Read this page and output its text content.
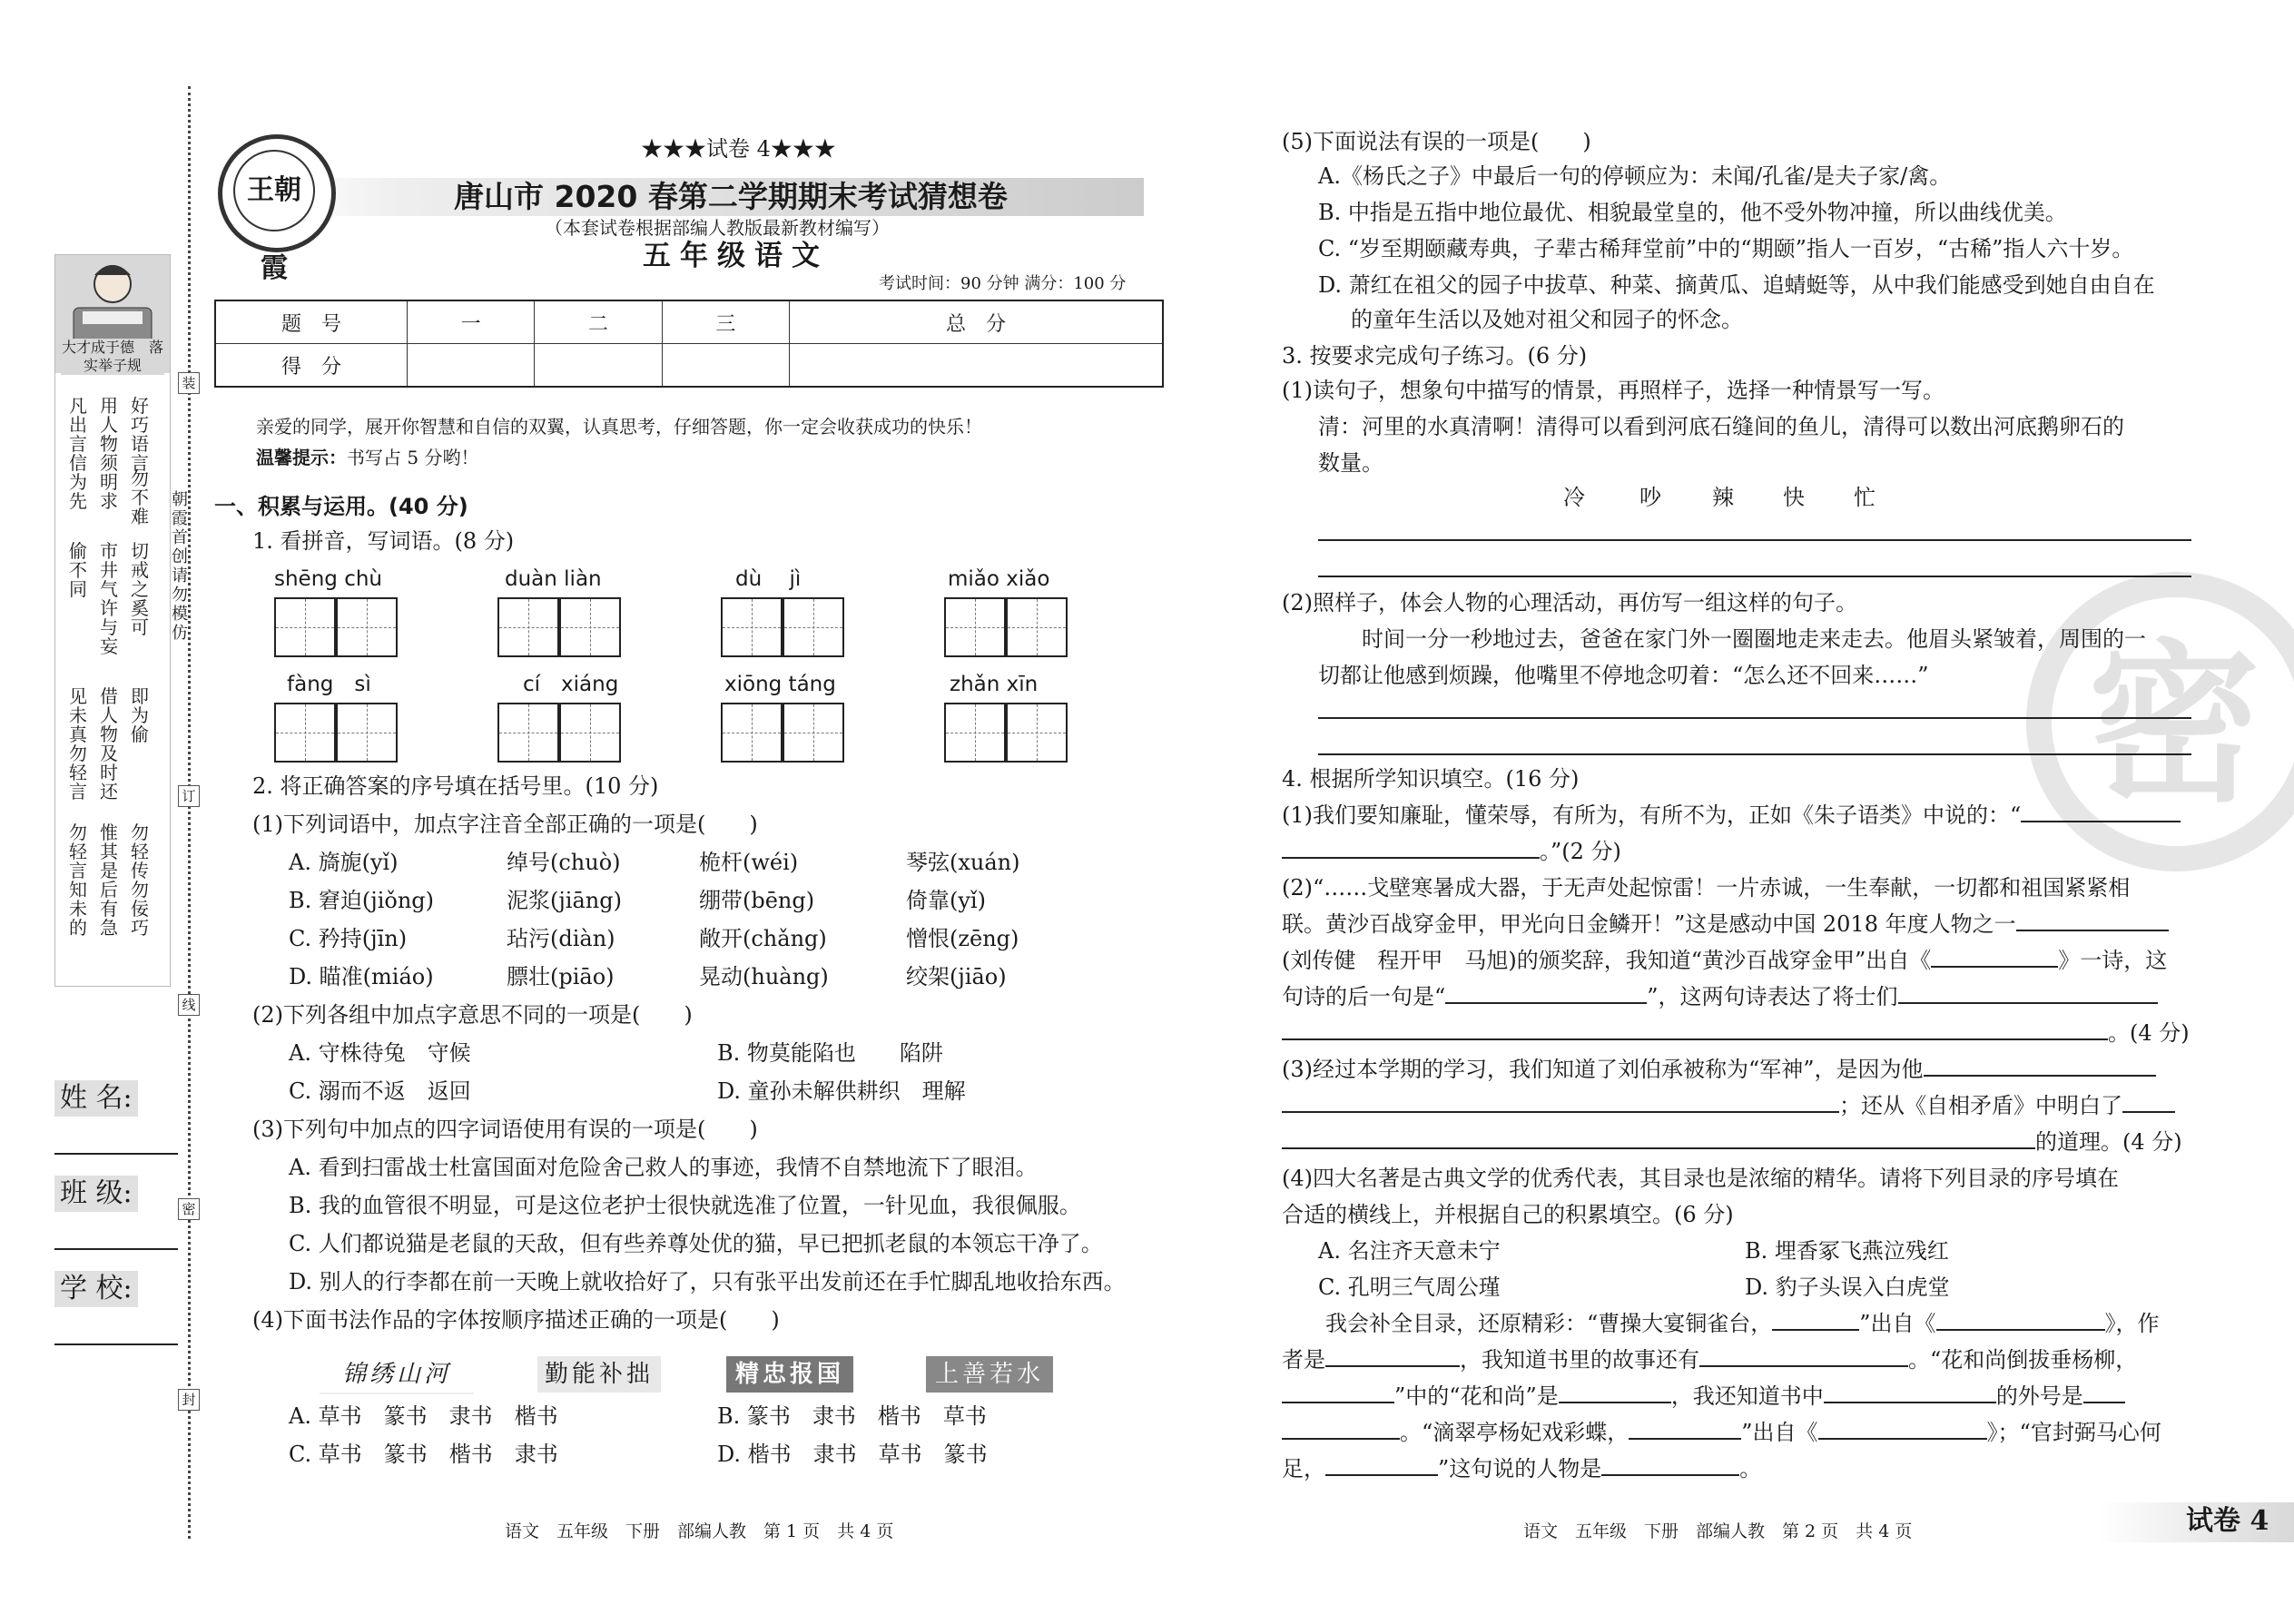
大才成于德　落实举子规
凡出言信为先
用人物须明求
偷不同
市井气许与妄
切戒之奚可
见未真勿轻言
借人物及时还
即为偷
勿轻言知未的
惟其是后有急
勿轻传勿佞巧
好巧语言
勿不难
装
订
线
密
封
朝霞首创 请勿模仿
姓 名:
班 级:
学 校:
王朝霞
★★★试卷 4★★★
唐山市 2020 春第二学期期末考试猜想卷
（本套试卷根据部编人教版最新教材编写）
五年级语文
考试时间：90 分钟 满分：100 分
题　号	一	二	三	总　分
得　分				
亲爱的同学，展开你智慧和自信的双翼，认真思考，仔细答题，你一定会收获成功的快乐！
温馨提示： 书写占 5 分哟！
一、积累与运用。(40 分)
1. 看拼音，写词语。(8 分)
shēng chù	duàn liàn	dù　 jì	miǎo xiǎo
fàng　sì	cí　xiáng	xiōng táng	zhǎn xīn
2. 将正确答案的序号填在括号里。(10 分)
(1)下列词语中，加点字注音全部正确的一项是(　　)
A. 旖旎(yǐ)	绰号(chuò)	桅杆(wéi)	琴弦(xuán)
B. 窘迫(jiǒng)	泥浆(jiāng)	绷带(bēng)	倚靠(yǐ)
C. 矜持(jīn)	玷污(diàn)	敞开(chǎng)	憎恨(zēng)
D. 瞄准(miáo)	膘壮(piāo)	晃动(huàng)	绞架(jiāo)
(2)下列各组中加点字意思不同的一项是(　　)
A. 守株待兔　守候	B. 物莫能陷也　　陷阱
C. 溺而不返　返回	D. 童孙未解供耕织　理解
(3)下列句中加点的四字词语使用有误的一项是(　　)
A. 看到扫雷战士杜富国面对危险舍己救人的事迹，我情不自禁地流下了眼泪。
B. 我的血管很不明显，可是这位老护士很快就选准了位置，一针见血，我很佩服。
C. 人们都说猫是老鼠的天敌，但有些养尊处优的猫，早已把抓老鼠的本领忘干净了。
D. 别人的行李都在前一天晚上就收拾好了，只有张平出发前还在手忙脚乱地收拾东西。
(4)下面书法作品的字体按顺序描述正确的一项是(　　)
锦绣山河	勤能补拙	精忠报国	上善若水
A. 草书　篆书　隶书　楷书	B. 篆书　隶书　楷书　草书
C. 草书　篆书　楷书　隶书	D. 楷书　隶书　草书　篆书
语文　五年级　下册　部编人教　第 1 页　共 4 页
密
(5)下面说法有误的一项是(　　)
A.《杨氏之子》中最后一句的停顿应为：未闻/孔雀/是夫子家/禽。
B. 中指是五指中地位最优、相貌最堂皇的，他不受外物冲撞，所以曲线优美。
C. “岁至期颐藏寿典，子辈古稀拜堂前”中的“期颐”指人一百岁，“古稀”指人六十岁。
D. 萧红在祖父的园子中拔草、种菜、摘黄瓜、追蜻蜓等，从中我们能感受到她自由自在
的童年生活以及她对祖父和园子的怀念。
3. 按要求完成句子练习。(6 分)
(1)读句子，想象句中描写的情景，再照样子，选择一种情景写一写。
清：河里的水真清啊！清得可以看到河底石缝间的鱼儿，清得可以数出河底鹅卵石的
数量。
冷	吵 辣 快 忙
(2)照样子，体会人物的心理活动，再仿写一组这样的句子。
时间一分一秒地过去，爸爸在家门外一圈圈地走来走去。他眉头紧皱着，周围的一
切都让他感到烦躁，他嘴里不停地念叨着：“怎么还不回来……”
4. 根据所学知识填空。(16 分)
(1)我们要知廉耻，懂荣辱，有所为，有所不为，正如《朱子语类》中说的：“
。”(2 分)
(2)“……戈壁寒暑成大器，于无声处起惊雷！一片赤诚，一生奉献，一切都和祖国紧紧相
联。黄沙百战穿金甲，甲光向日金鳞开！”这是感动中国 2018 年度人物之一
(刘传健　程开甲　马旭)的颁奖辞，我知道“黄沙百战穿金甲”出自《	》一诗，这
句诗的后一句是“	”，这两句诗表达了将士们
。(4 分)
(3)经过本学期的学习，我们知道了刘伯承被称为“军神”，是因为他
；还从《自相矛盾》中明白了
的道理。(4 分)
(4)四大名著是古典文学的优秀代表，其目录也是浓缩的精华。请将下列目录的序号填在
合适的横线上，并根据自己的积累填空。(6 分)
A. 名注齐天意未宁	B. 埋香冢飞燕泣残红
C. 孔明三气周公瑾	D. 豹子头误入白虎堂
我会补全目录，还原精彩：“曹操大宴铜雀台，	”出自《	》，作
者是	，我知道书里的故事还有	。“花和尚倒拔垂杨柳，
”中的“花和尚”是	，我还知道书中	的外号是
。“滴翠亭杨妃戏彩蝶，	”出自《	》；“官封弼马心何
足，	”这句说的人物是	。
语文　五年级　下册　部编人教　第 2 页　共 4 页	试卷 4
